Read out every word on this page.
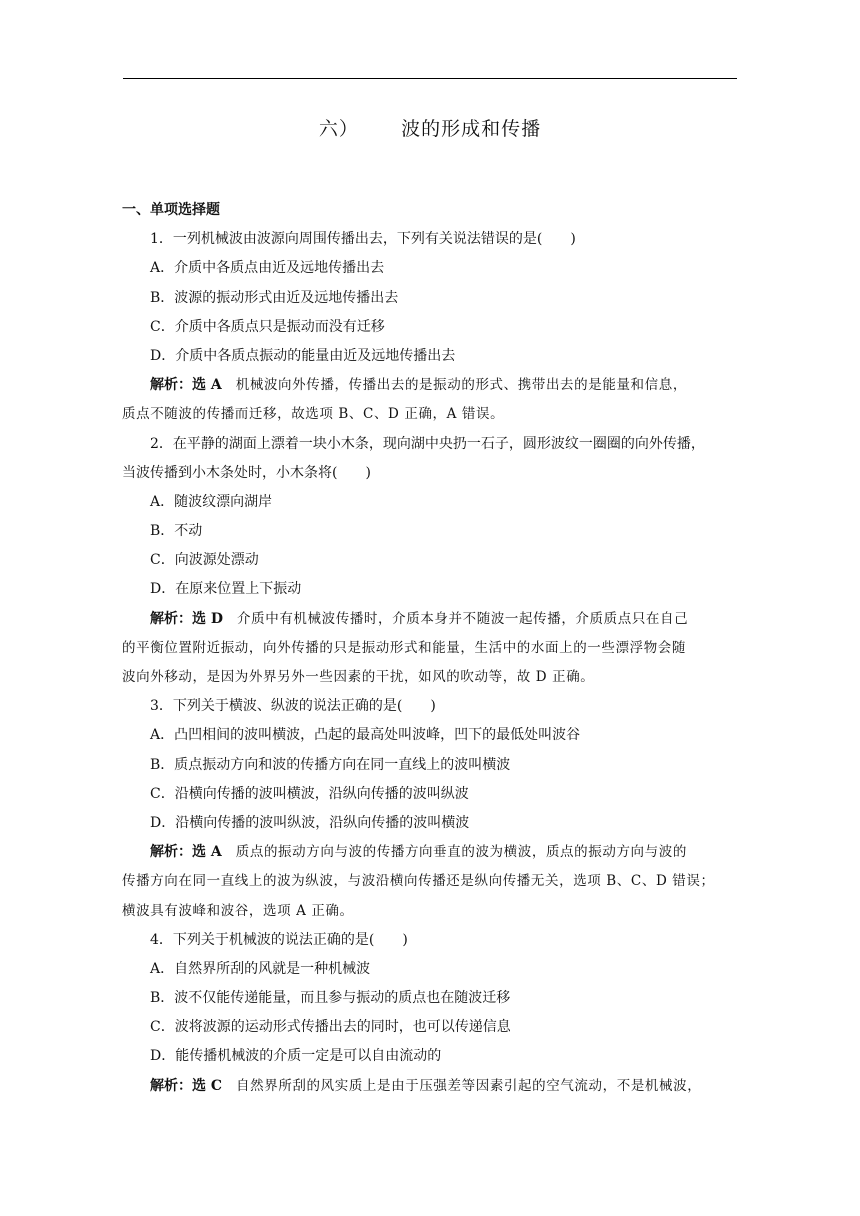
六） 波的形成和传播
一、单项选择题
1．一列机械波由波源向周围传播出去，下列有关说法错误的是(　　)
A．介质中各质点由近及远地传播出去
B．波源的振动形式由近及远地传播出去
C．介质中各质点只是振动而没有迁移
D．介质中各质点振动的能量由近及远地传播出去
解析：选 A　 机械波向外传播，传播出去的是振动的形式、携带出去的是能量和信息，
质点不随波的传播而迁移，故选项 B、C、D 正确，A 错误。
2．在平静的湖面上漂着一块小木条，现向湖中央扔一石子，圆形波纹一圈圈的向外传播，
当波传播到小木条处时，小木条将(　　)
A．随波纹漂向湖岸
B．不动
C．向波源处漂动
D．在原来位置上下振动
解析：选 D　 介质中有机械波传播时，介质本身并不随波一起传播，介质质点只在自己
的平衡位置附近振动，向外传播的只是振动形式和能量，生活中的水面上的一些漂浮物会随
波向外移动，是因为外界另外一些因素的干扰，如风的吹动等，故 D 正确。
3．下列关于横波、纵波的说法正确的是(　　)
A．凸凹相间的波叫横波，凸起的最高处叫波峰，凹下的最低处叫波谷
B．质点振动方向和波的传播方向在同一直线上的波叫横波
C．沿横向传播的波叫横波，沿纵向传播的波叫纵波
D．沿横向传播的波叫纵波，沿纵向传播的波叫横波
解析：选 A　 质点的振动方向与波的传播方向垂直的波为横波，质点的振动方向与波的
传播方向在同一直线上的波为纵波，与波沿横向传播还是纵向传播无关，选项 B、C、D 错误；
横波具有波峰和波谷，选项 A 正确。
4．下列关于机械波的说法正确的是(　　)
A．自然界所刮的风就是一种机械波
B．波不仅能传递能量，而且参与振动的质点也在随波迁移
C．波将波源的运动形式传播出去的同时，也可以传递信息
D．能传播机械波的介质一定是可以自由流动的
解析：选 C　 自然界所刮的风实质上是由于压强差等因素引起的空气流动，不是机械波，
